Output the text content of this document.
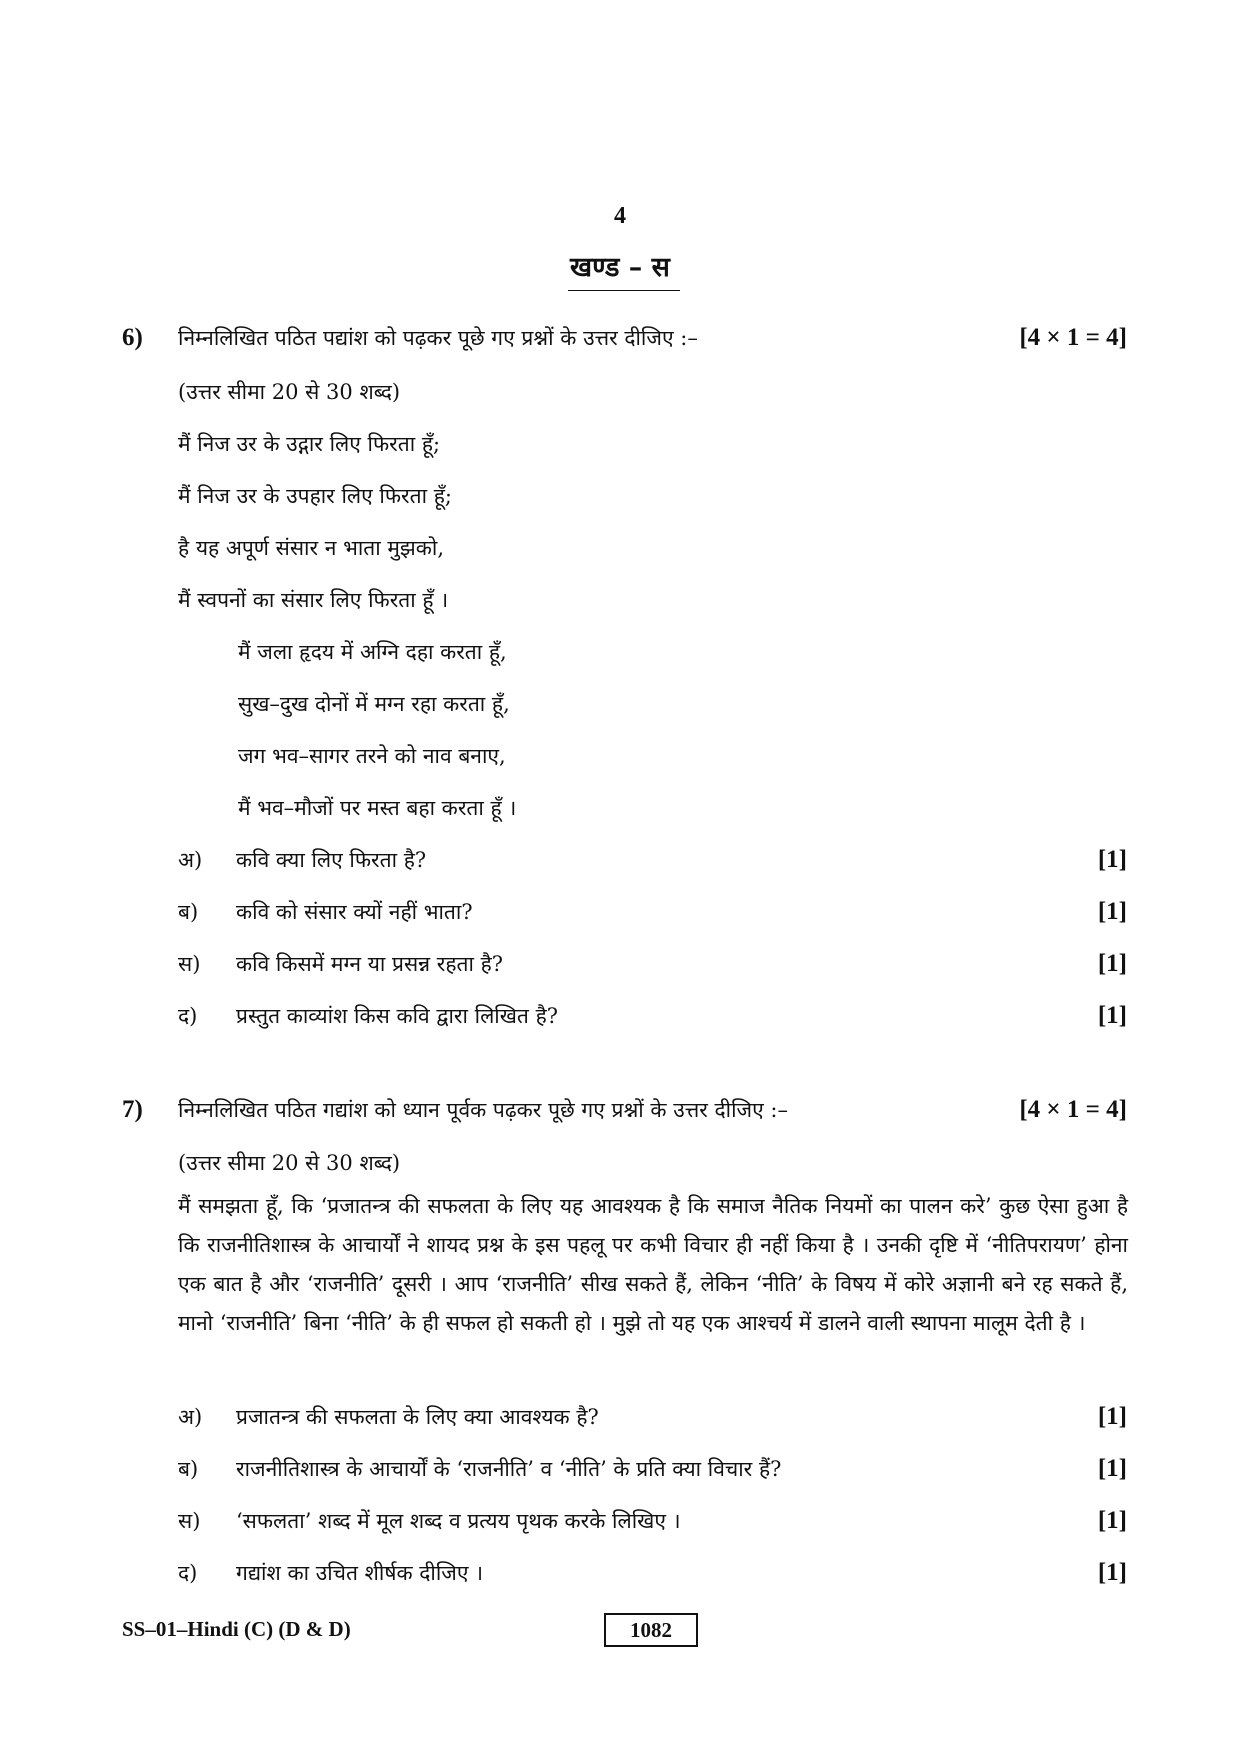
4
खण्ड – स
6) निम्नलिखित पठित पद्यांश को पढ़कर पूछे गए प्रश्नों के उत्तर दीजिए :–	[4 × 1 = 4]
(उत्तर सीमा 20 से 30 शब्द)
मैं निज उर के उद्गार लिए फिरता हूँ;
मैं निज उर के उपहार लिए फिरता हूँ;
है यह अपूर्ण संसार न भाता मुझको,
मैं स्वपनों का संसार लिए फिरता हूँ ।
मैं जला हृदय में अग्नि दहा करता हूँ,
सुख–दुख दोनों में मग्न रहा करता हूँ,
जग भव–सागर तरने को नाव बनाए,
मैं भव–मौजों पर मस्त बहा करता हूँ ।
अ) कवि क्या लिए फिरता है?	[1]
ब) कवि को संसार क्यों नहीं भाता?	[1]
स) कवि किसमें मग्न या प्रसन्न रहता है?	[1]
द) प्रस्तुत काव्यांश किस कवि द्वारा लिखित है?	[1]
7) निम्नलिखित पठित गद्यांश को ध्यान पूर्वक पढ़कर पूछे गए प्रश्नों के उत्तर दीजिए :–	[4 × 1 = 4]
(उत्तर सीमा 20 से 30 शब्द)
मैं समझता हूँ, कि ‘प्रजातन्त्र की सफलता के लिए यह आवश्यक है कि समाज नैतिक नियमों का पालन करे’ कुछ ऐसा हुआ है कि राजनीतिशास्त्र के आचार्यों ने शायद प्रश्न के इस पहलू पर कभी विचार ही नहीं किया है । उनकी दृष्टि में ‘नीतिपरायण’ होना एक बात है और ‘राजनीति’ दूसरी । आप ‘राजनीति’ सीख सकते हैं, लेकिन ‘नीति’ के विषय में कोरे अज्ञानी बने रह सकते हैं, मानो ‘राजनीति’ बिना ‘नीति’ के ही सफल हो सकती हो । मुझे तो यह एक आश्चर्य में डालने वाली स्थापना मालूम देती है ।
अ) प्रजातन्त्र की सफलता के लिए क्या आवश्यक है?	[1]
ब) राजनीतिशास्त्र के आचार्यों के ‘राजनीति’ व ‘नीति’ के प्रति क्या विचार हैं?	[1]
स) ‘सफलता’ शब्द में मूल शब्द व प्रत्यय पृथक करके लिखिए ।	[1]
द) गद्यांश का उचित शीर्षक दीजिए ।	[1]
SS–01–Hindi (C) (D & D)	1082
